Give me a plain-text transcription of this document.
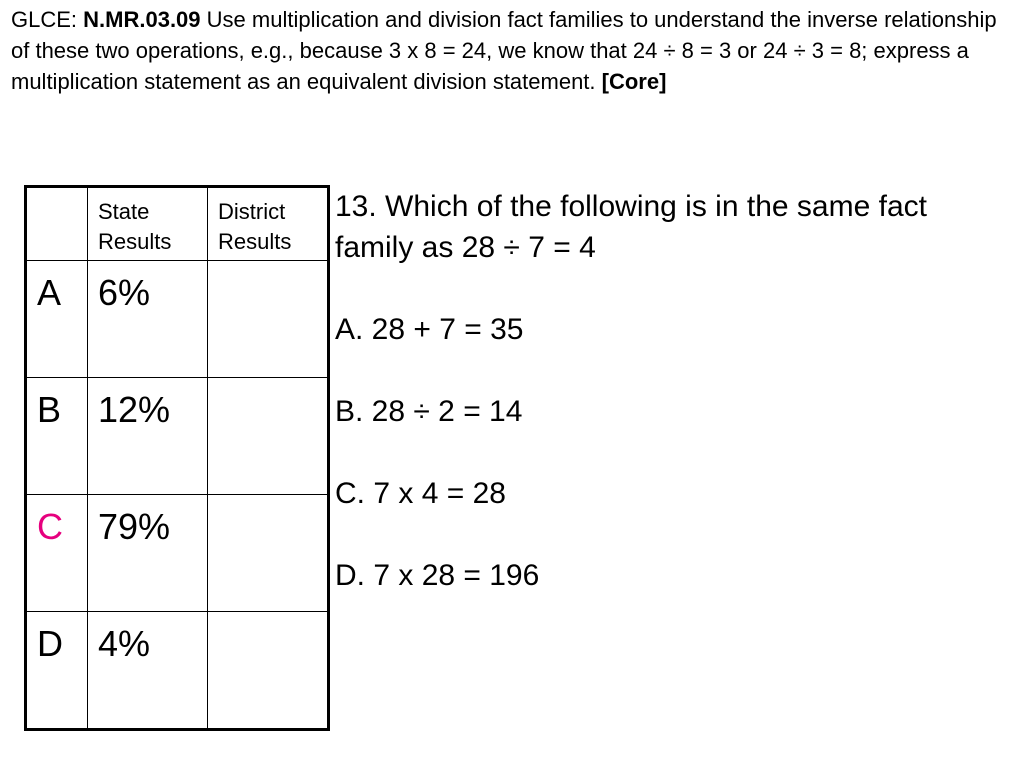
GLCE: N.MR.03.09 Use multiplication and division fact families to understand the inverse relationship of these two operations, e.g., because 3 x 8 = 24, we know that 24 ÷ 8 = 3 or 24 ÷ 3 = 8; express a multiplication statement as an equivalent division statement. [Core]

	State Results	District Results

A	6%	

B	12%	

C	79%	

D	4%	

13. Which of the following is in the same fact family as 28 ÷ 7 = 4

A. 28 + 7 = 35

B. 28 ÷ 2 = 14

C. 7 x 4 = 28

D. 7 x 28 = 196
